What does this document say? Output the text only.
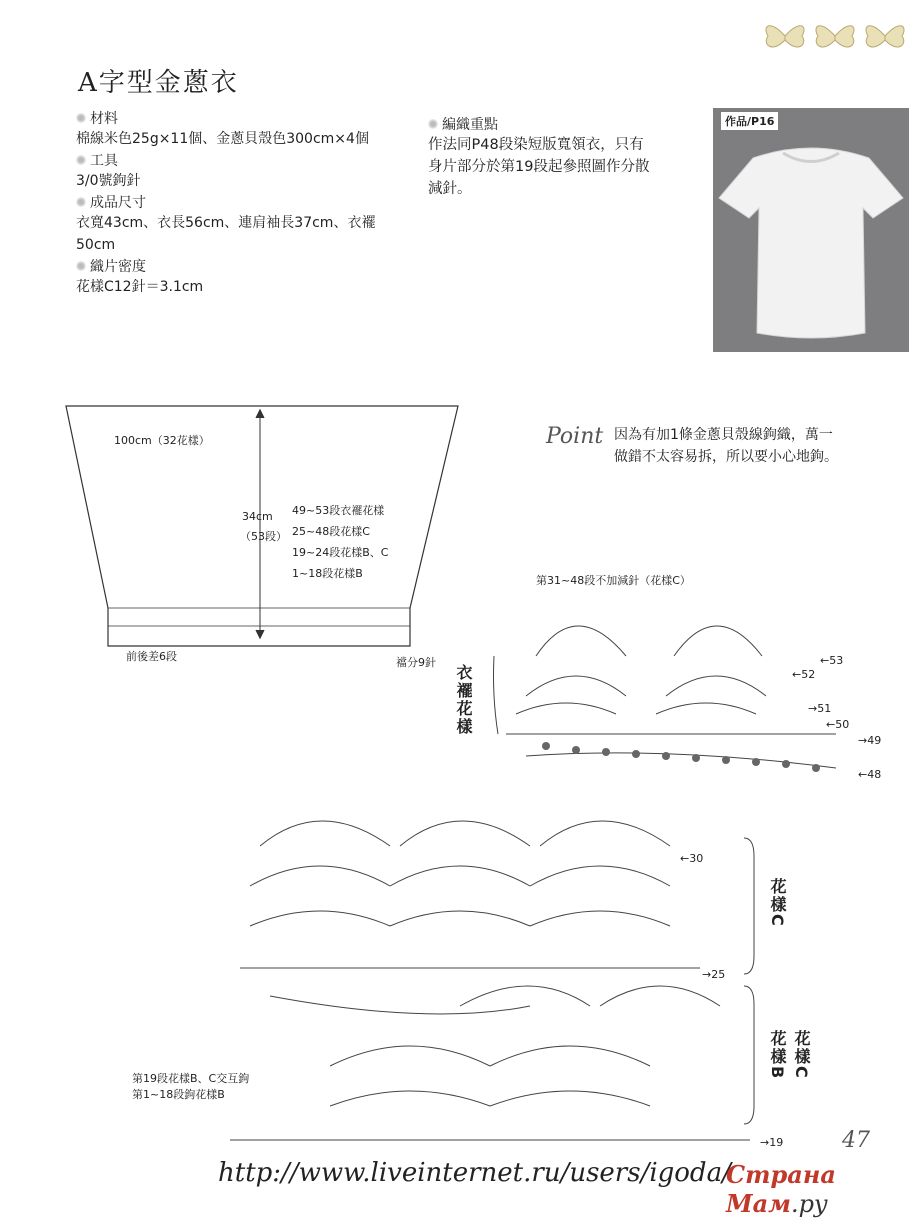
A字型金蔥衣
材料
棉線米色25g×11個、金蔥貝殼色300cm×4個
工具
3/0號鉤針
成品尺寸
衣寬43cm、衣長56cm、連肩袖長37cm、衣襬
50cm
織片密度
花樣C12針＝3.1cm
編織重點
作法同P48段染短版寬領衣，只有
身片部分於第19段起參照圖作分散
減針。
作品/P16
100cm（32花樣）
34cm
（53段）
49~53段衣襬花樣
25~48段花樣C
19~24段花樣B、C
1~18段花樣B
前後差6段	襠分9針
Point 因為有加1條金蔥貝殼線鉤織，萬一
做錯不太容易拆，所以要小心地鉤。
第31~48段不加減針（花樣C）
衣襬花樣
←53
←52
→51
←50
→49
←48
←30
→25
→19
花樣C
花樣B 花樣C
第19段花樣B、C交互鉤
第1~18段鉤花樣B
47
http://www.liveinternet.ru/users/igoda/
Страна Мам.ру
